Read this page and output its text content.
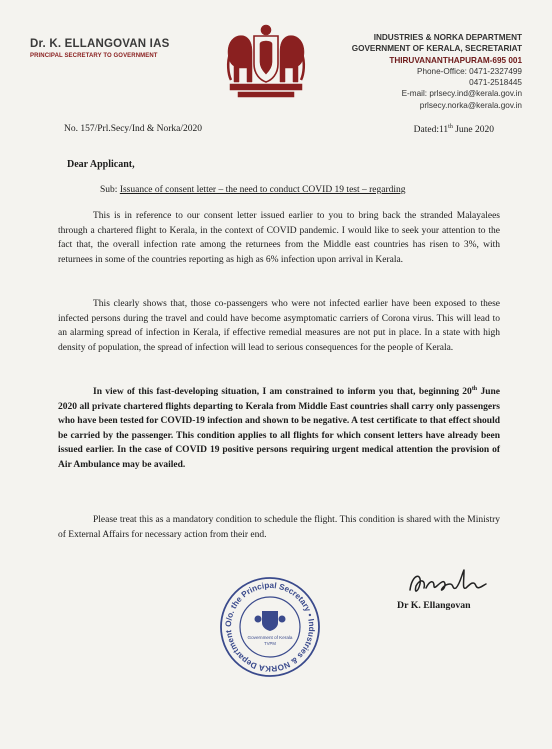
Dr. K. ELLANGOVAN IAS
PRINCIPAL SECRETARY TO GOVERNMENT
INDUSTRIES & NORKA DEPARTMENT
GOVERNMENT OF KERALA, SECRETARIAT
THIRUVANANTHAPURAM-695 001
Phone-Office: 0471-2327499
0471-2518445
E-mail: prlsecy.ind@kerala.gov.in
prlsecy.norka@kerala.gov.in
No. 157/Prl.Secy/Ind & Norka/2020	Dated:11th June 2020
Dear Applicant,
Sub: Issuance of consent letter – the need to conduct COVID 19 test – regarding

This is in reference to our consent letter issued earlier to you to bring back the stranded Malayalees through a chartered flight to Kerala, in the context of COVID pandemic. I would like to seek your attention to the fact that, the overall infection rate among the returnees from the Middle east countries has risen to 3%, with returnees in some of the countries reporting as high as 6% infection upon arrival in Kerala.

This clearly shows that, those co-passengers who were not infected earlier have been exposed to these infected persons during the travel and could have become asymptomatic carriers of Corona virus. This will lead to an alarming spread of infection in Kerala, if effective remedial measures are not put in place. In a state with high density of population, the spread of infection will lead to serious consequences for the people of Kerala.

In view of this fast-developing situation, I am constrained to inform you that, beginning 20th June 2020 all private chartered flights departing to Kerala from Middle East countries shall carry only passengers who have been tested for COVID-19 infection and shown to be negative. A test certificate to that effect should be carried by the passenger. This condition applies to all flights for which consent letters have already been issued earlier. In the case of COVID 19 positive persons requiring urgent medical attention the provision of Air Ambulance may be availed.

Please treat this as a mandatory condition to schedule the flight. This condition is shared with the Ministry of External Affairs for necessary action from their end.

O/o. the Principal Secretary • Industries & NORKA Department
Government of Kerala
TVPM
Dr K. Ellangovan
